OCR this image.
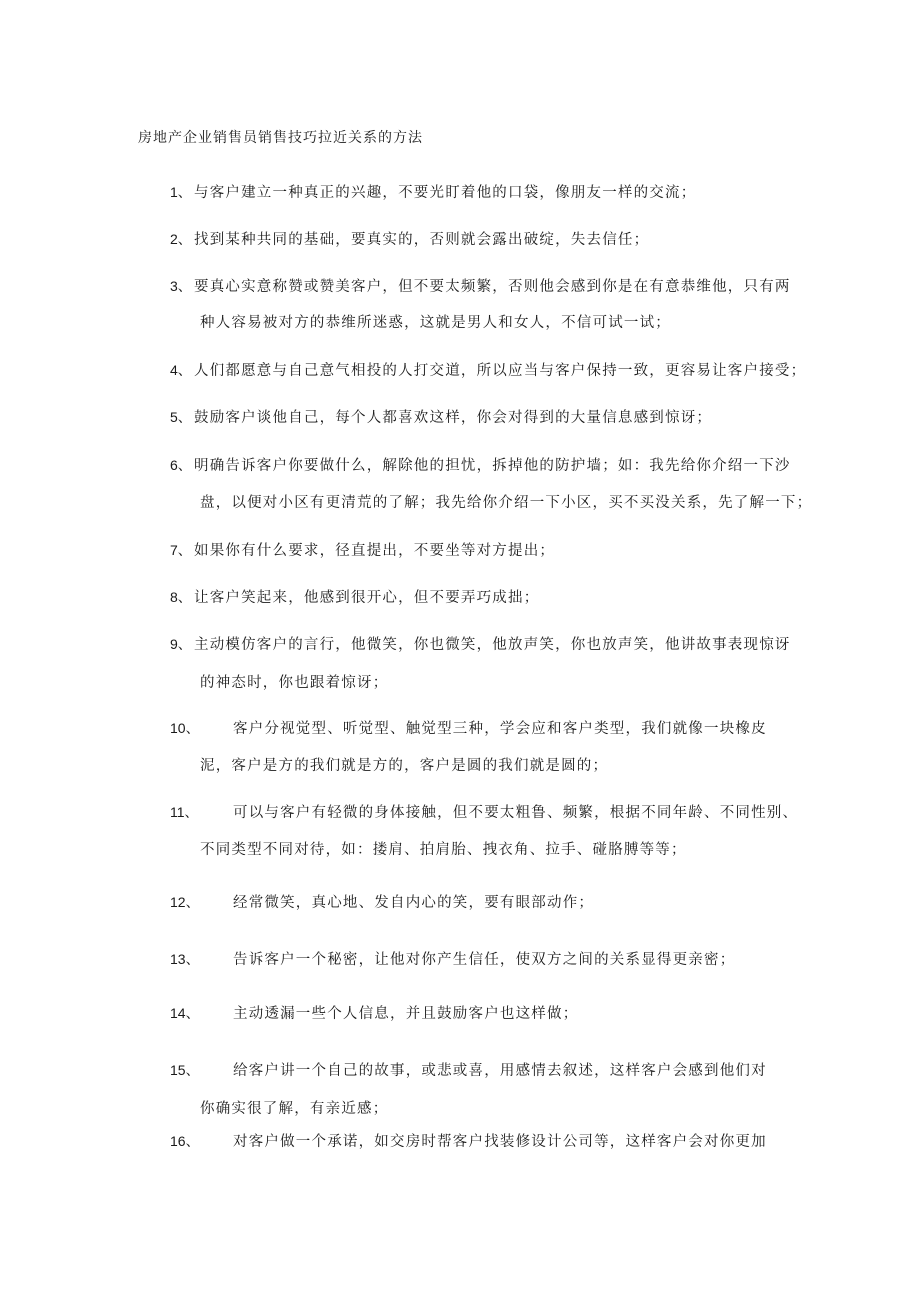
房地产企业销售员销售技巧拉近关系的方法
1、 与客户建立一种真正的兴趣，不要光盯着他的口袋，像朋友一样的交流；
2、 找到某种共同的基础，要真实的，否则就会露出破绽，失去信任；
3、 要真心实意称赞或赞美客户，但不要太频繁，否则他会感到你是在有意恭维他，只有两
种人容易被对方的恭维所迷惑，这就是男人和女人，不信可试一试；
4、 人们都愿意与自己意气相投的人打交道，所以应当与客户保持一致，更容易让客户接受；
5、 鼓励客户谈他自己，每个人都喜欢这样，你会对得到的大量信息感到惊讶；
6、 明确告诉客户你要做什么，解除他的担忧，拆掉他的防护墙；如：我先给你介绍一下沙
盘，以便对小区有更清荒的了解；我先给你介绍一下小区，买不买没关系，先了解一下；
7、 如果你有什么要求，径直提出，不要坐等对方提出；
8、 让客户笑起来，他感到很开心，但不要弄巧成拙；
9、 主动模仿客户的言行，他微笑，你也微笑，他放声笑，你也放声笑，他讲故事表现惊讶
的神态时，你也跟着惊讶；
10、 客户分视觉型、听觉型、触觉型三种，学会应和客户类型，我们就像一块橡皮
泥，客户是方的我们就是方的，客户是圆的我们就是圆的；
11、 可以与客户有轻微的身体接触，但不要太粗鲁、频繁，根据不同年龄、不同性别、
不同类型不同对待，如：搂肩、拍肩胎、拽衣角、拉手、碰胳膊等等；
12、 经常微笑，真心地、发自内心的笑，要有眼部动作；
13、 告诉客户一个秘密，让他对你产生信任，使双方之间的关系显得更亲密；
14、 主动透漏一些个人信息，并且鼓励客户也这样做；
15、 给客户讲一个自己的故事，或悲或喜，用感情去叙述，这样客户会感到他们对
你确实很了解，有亲近感；
16、 对客户做一个承诺，如交房时帮客户找装修设计公司等，这样客户会对你更加
